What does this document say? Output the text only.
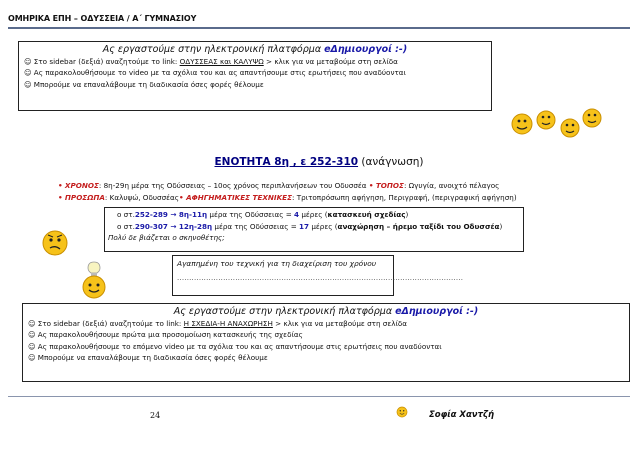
ΟΜΗΡΙΚΑ ΕΠΗ – ΟΔΥΣΣΕΙΑ / Α΄ ΓΥΜΝΑΣΙΟΥ
Ας εργαστούμε στην ηλεκτρονική πλατφόρμα eΔημιουργοί :-)
☺ Στο sidebar (δεξιά) αναζητούμε το link: ΟΔΥΣΣΕΑΣ και ΚΑΛΥΨΩ > κλικ για να μεταβούμε στη σελίδα
☺ Ας παρακολουθήσουμε το video με τα σχόλια του και ας απαντήσουμε στις ερωτήσεις που αναδύονται
☺ Μπορούμε να επαναλάβουμε τη διαδικασία όσες φορές θέλουμε
ΕΝΟΤΗΤΑ 8η , ε 252-310 (ανάγνωση)
• ΧΡΟΝΟΣ: 8η-29η μέρα της Οδύσσειας – 10ος χρόνος περιπλανήσεων του Οδυσσέα • ΤΟΠΟΣ: Ωγυγία, ανοιχτό πέλαγος
• ΠΡΟΣΩΠΑ: Καλυψώ, Οδυσσέας• ΑΦΗΓΗΜΑΤΙΚΕΣ ΤΕΧΝΙΚΕΣ: Τριτοπρόσωπη αφήγηση, Περιγραφή, (περιγραφική αφήγηση)
o στ.252-289 → 8η-11η μέρα της Οδύσσειας = 4 μέρες (κατασκευή σχεδίας)
o στ.290-307 → 12η-28η μέρα της Οδύσσειας = 17 μέρες (αναχώρηση – ήρεμο ταξίδι του Οδυσσέα)
Πολύ δε βιάζεται ο σκηνοθέτης;
Αγαπημένη του τεχνική για τη διαχείριση του χρόνου
......................................................................................................................
Ας εργαστούμε στην ηλεκτρονική πλατφόρμα eΔημιουργοί :-)
☺ Στο sidebar (δεξιά) αναζητούμε το link: Η ΣΧΕΔΙΑ-Η ΑΝΑΧΩΡΗΣΗ > κλικ για να μεταβούμε στη σελίδα
☺ Ας παρακολουθήσουμε πρώτα μια προσομοίωση κατασκευής της σχεδίας
☺ Ας παρακολουθήσουμε το επόμενο video με τα σχόλια του και ας απαντήσουμε στις ερωτήσεις που αναδύονται
☺ Μπορούμε να επαναλάβουμε τη διαδικασία όσες φορές θέλουμε
24	Σοφία Χαντζή
